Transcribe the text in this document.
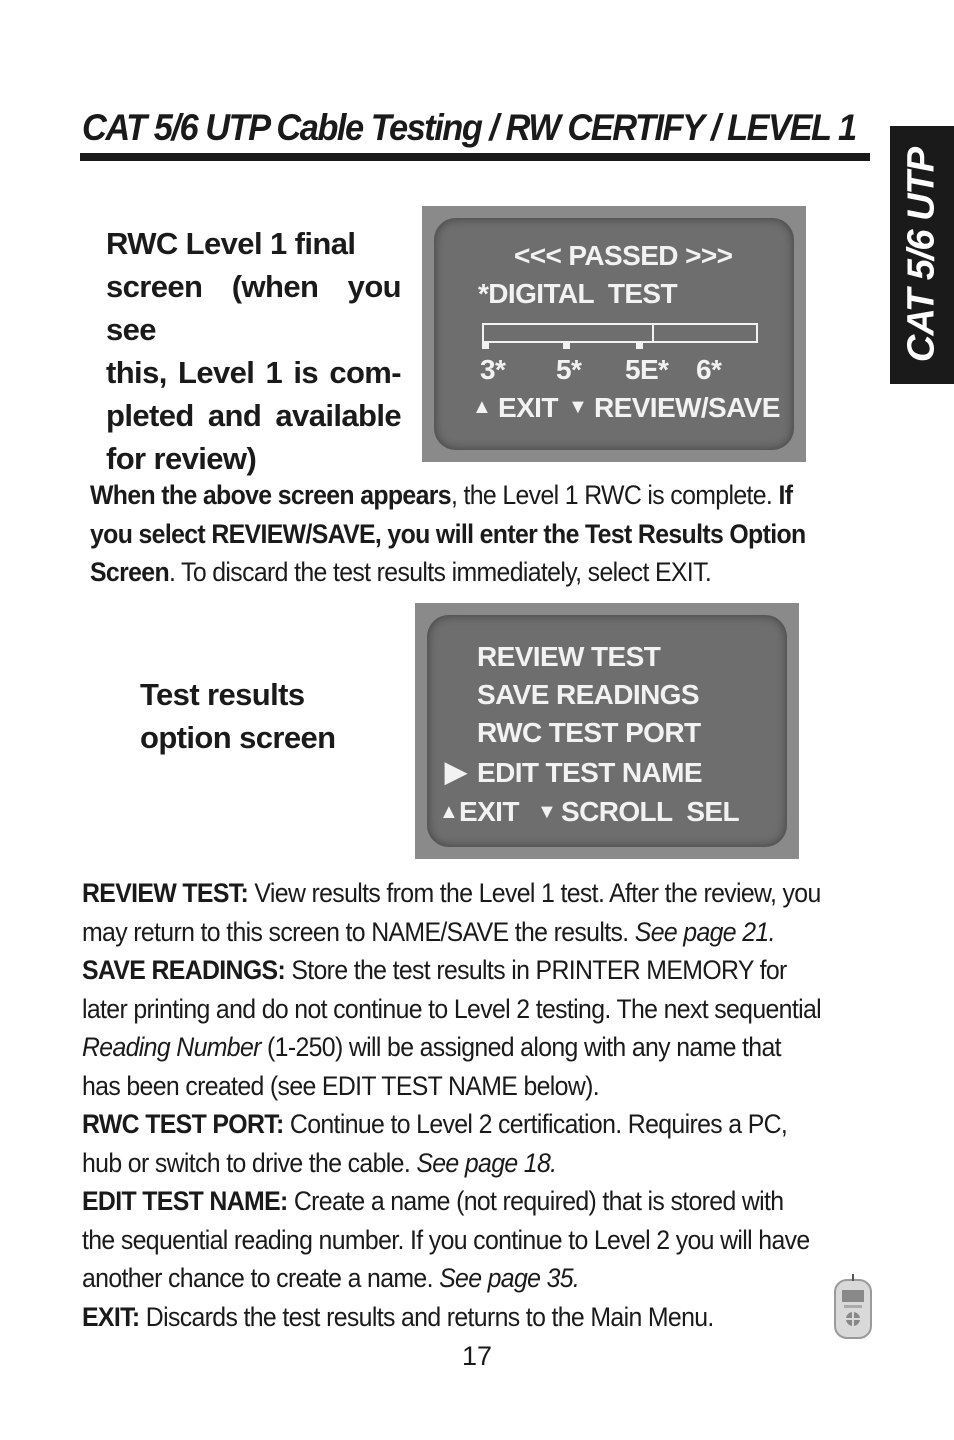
CAT 5/6 UTP Cable Testing / RW CERTIFY / LEVEL 1
CAT 5/6 UTP
RWC Level 1 final
screen (when you see
this, Level 1 is com-
pleted and available
for review)
<<< PASSED >>>
*DIGITAL  TEST
3* 5* 5E* 6*
▲ EXIT ▼ REVIEW/SAVE
When the above screen appears, the Level 1 RWC is complete. If
you select REVIEW/SAVE, you will enter the Test Results Option
Screen. To discard the test results immediately, select EXIT.
Test results
option screen
REVIEW TEST
SAVE READINGS
RWC TEST PORT
▶ EDIT TEST NAME
▲ EXIT ▼ SCROLL  SEL
REVIEW TEST: View results from the Level 1 test. After the review, you
may return to this screen to NAME/SAVE the results. See page 21.
SAVE READINGS: Store the test results in PRINTER MEMORY for
later printing and do not continue to Level 2 testing. The next sequential
Reading Number (1-250) will be assigned along with any name that
has been created (see EDIT TEST NAME below).
RWC TEST PORT: Continue to Level 2 certification. Requires a PC,
hub or switch to drive the cable. See page 18.
EDIT TEST NAME: Create a name (not required) that is stored with
the sequential reading number. If you continue to Level 2 you will have
another chance to create a name. See page 35.
EXIT: Discards the test results and returns to the Main Menu.
17
